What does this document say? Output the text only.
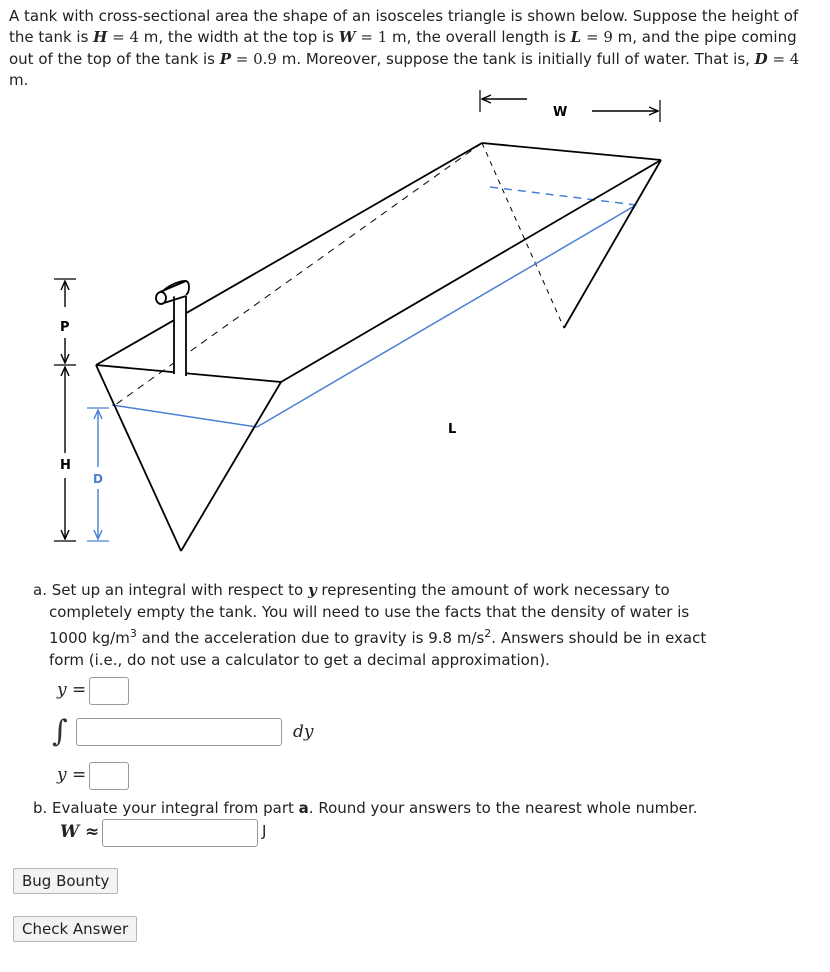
A tank with cross-sectional area the shape of an isosceles triangle is shown below. Suppose the height of the tank is H = 4 m, the width at the top is W = 1 m, the overall length is L = 9 m, and the pipe coming out of the top of the tank is P = 0.9 m. Moreover, suppose the tank is initially full of water. That is, D = 4 m.

W
L
P
H
D

a. Set up an integral with respect to y representing the amount of work necessary to completely empty the tank. You will need to use the facts that the density of water is 1000 $kg/m^3$ and the acceleration due to gravity is 9.8 $m/s^2$. Answers should be in exact form (i.e., do not use a calculator to get a decimal approximation).

y =
∫	dy
y =

b. Evaluate your integral from part a. Round your answers to the nearest whole number.

W ≈	J
Bug Bounty
Check Answer
